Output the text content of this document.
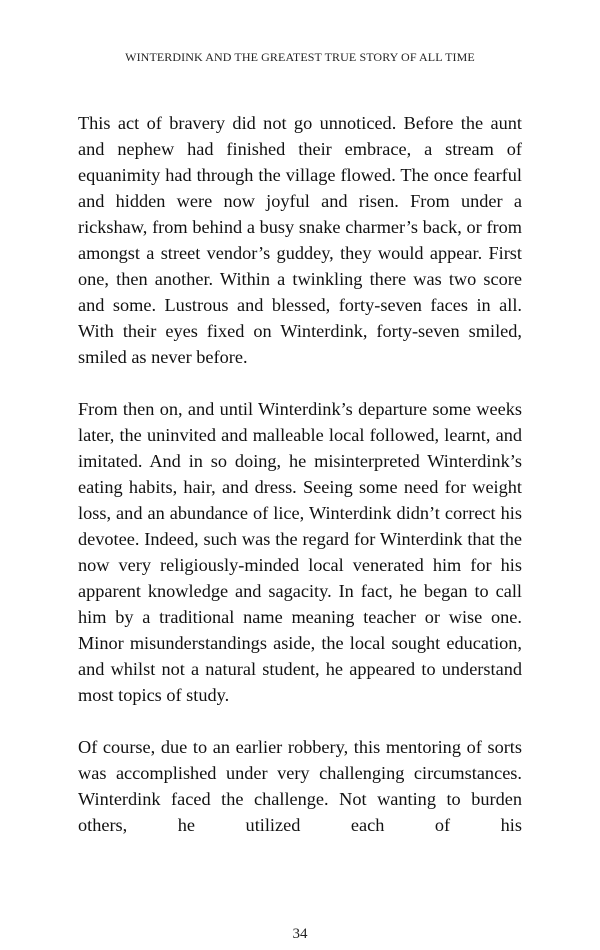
WINTERDINK AND THE GREATEST TRUE STORY OF ALL TIME

This act of bravery did not go unnoticed. Before the aunt and nephew had finished their embrace, a stream of equanimity had through the village flowed. The once fearful and hidden were now joyful and risen. From under a rickshaw, from behind a busy snake charmer’s back, or from amongst a street vendor’s guddey, they would appear. First one, then another. Within a twinkling there was two score and some. Lustrous and blessed, forty-seven faces in all. With their eyes fixed on Winterdink, forty-seven smiled, smiled as never before.

From then on, and until Winterdink’s departure some weeks later, the uninvited and malleable local followed, learnt, and imitated. And in so doing, he misinterpreted Winterdink’s eating habits, hair, and dress. Seeing some need for weight loss, and an abundance of lice, Winterdink didn’t correct his devotee. Indeed, such was the regard for Winterdink that the now very religiously-minded local venerated him for his apparent knowledge and sagacity. In fact, he began to call him by a traditional name meaning teacher or wise one. Minor misunderstandings aside, the local sought education, and whilst not a natural student, he appeared to understand most topics of study.

Of course, due to an earlier robbery, this mentoring of sorts was accomplished under very challenging circumstances. Winterdink faced the challenge. Not wanting to burden others, he utilized each of his

34
